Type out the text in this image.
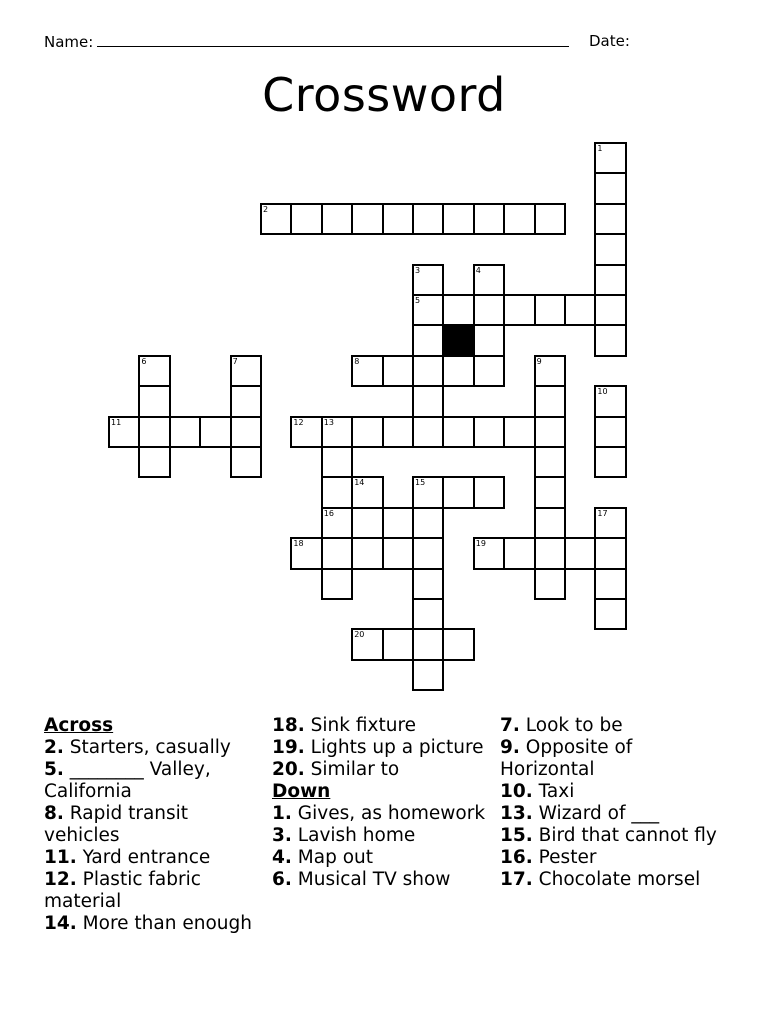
Name:	Date:
Crossword
1
2
3
5
4
8
6	7	9
10
11	12	13
14	15
16
18	19
17
20
Across
2. Starters, casually
5. ________ Valley, California
8. Rapid transit vehicles
11. Yard entrance
12. Plastic fabric material
14. More than enough
18. Sink fixture
19. Lights up a picture
20. Similar to
Down
1. Gives, as homework
3. Lavish home
4. Map out
6. Musical TV show
7. Look to be
9. Opposite of Horizontal
10. Taxi
13. Wizard of ___
15. Bird that cannot fly
16. Pester
17. Chocolate morsel
